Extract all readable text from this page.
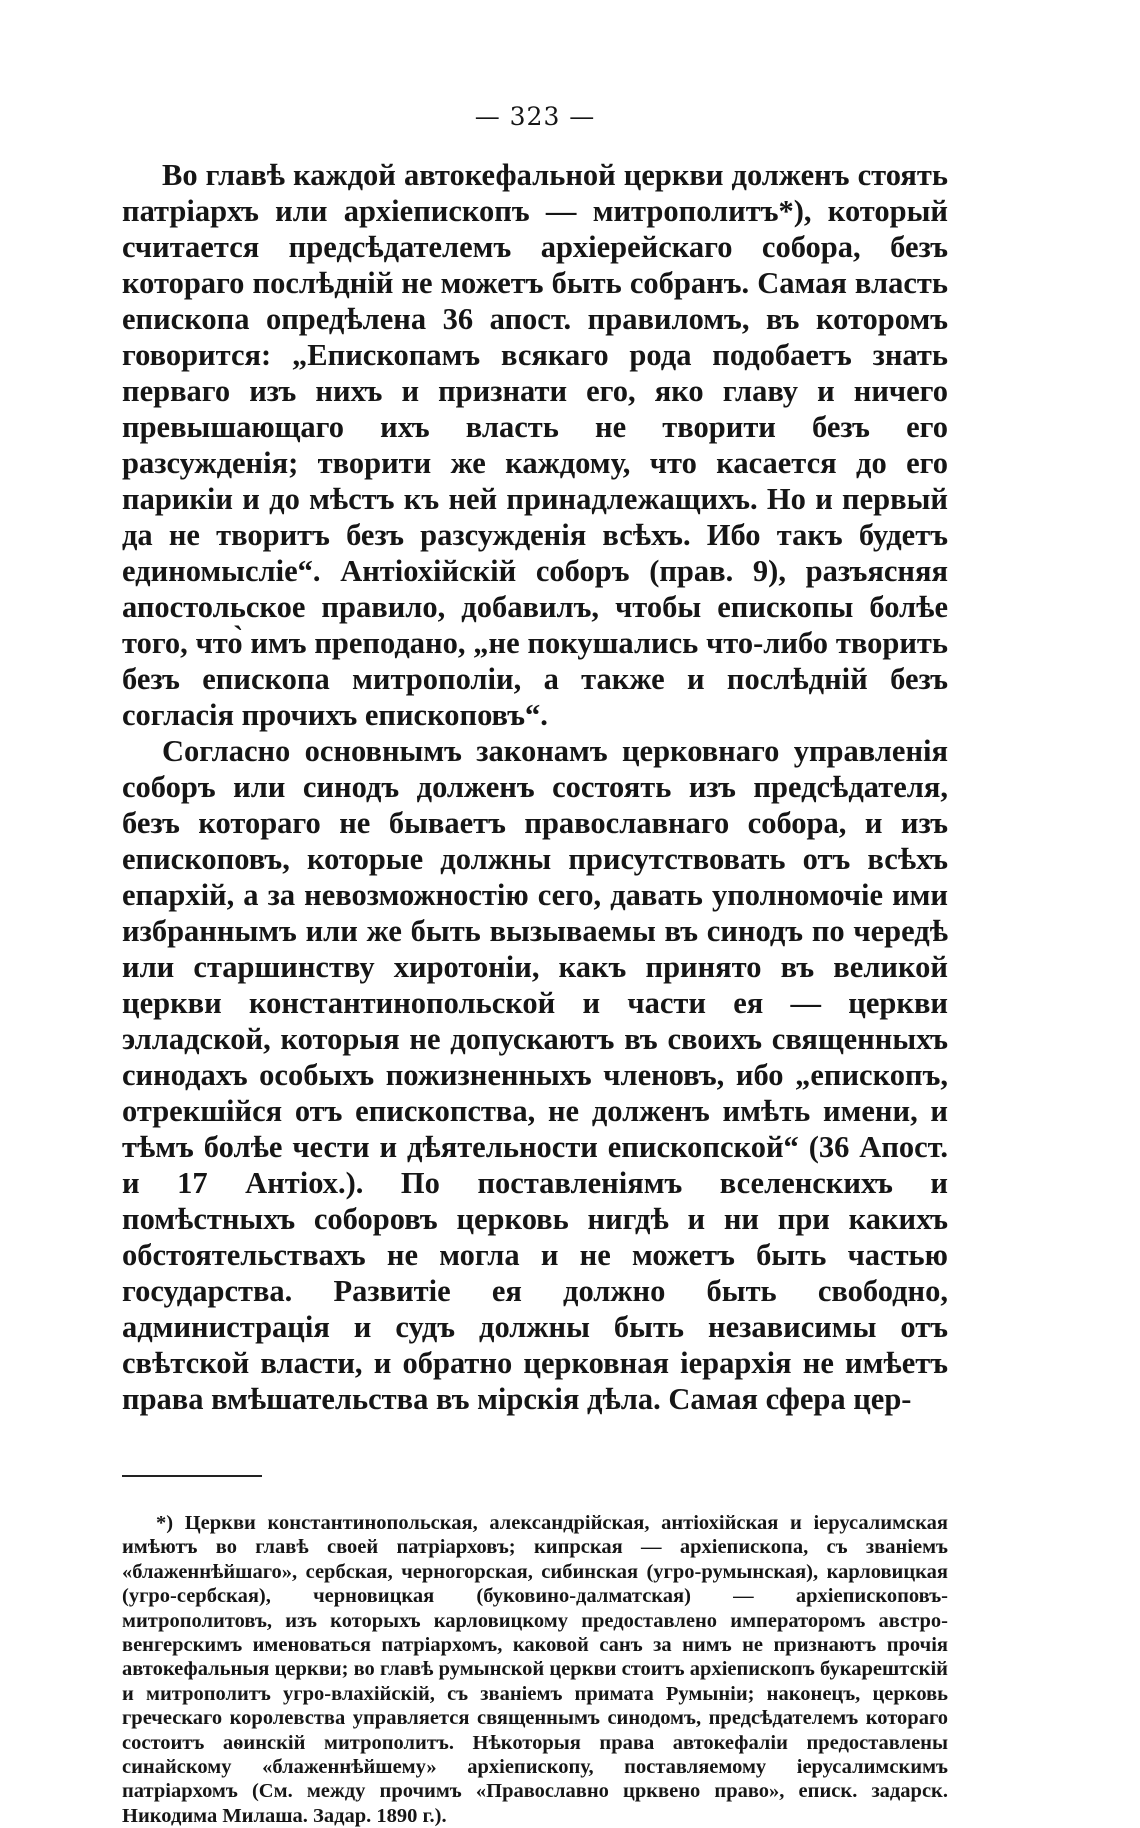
— 323 —

Во главѣ каждой автокефальной церкви долженъ стоять патріархъ или архіепископъ — митрополитъ*), который считается предсѣдателемъ архіерейскаго собора, безъ котораго послѣдній не можетъ быть собранъ. Самая власть епископа опредѣлена 36 апост. правиломъ, въ которомъ говорится: „Епископамъ всякаго рода подобаетъ знать перваго изъ нихъ и признати его, яко главу и ничего превышающаго ихъ власть не творити безъ его разсужденія; творити же каждому, что касается до его парикіи и до мѣстъ къ ней принадлежащихъ. Но и первый да не творитъ безъ разсужденія всѣхъ. Ибо такъ будетъ единомысліе“. Антіохійскій соборъ (прав. 9), разъясняя апостольское правило, добавилъ, чтобы епископы болѣе того, что̀ имъ преподано, „не покушались что-либо творить безъ епископа митрополіи, а также и послѣдній безъ согласія прочихъ епископовъ“.

Согласно основнымъ законамъ церковнаго управленія соборъ или синодъ долженъ состоять изъ предсѣдателя, безъ котораго не бываетъ православнаго собора, и изъ епископовъ, которые должны присутствовать отъ всѣхъ епархій, а за невозможностію сего, давать уполномочіе ими избраннымъ или же быть вызываемы въ синодъ по чередѣ или старшинству хиротоніи, какъ принято въ великой церкви константинопольской и части ея — церкви элладской, которыя не допускаютъ въ своихъ священныхъ синодахъ особыхъ пожизненныхъ членовъ, ибо „епископъ, отрекшійся отъ епископства, не долженъ имѣть имени, и тѣмъ болѣе чести и дѣятельности епископской“ (36 Апост. и 17 Антіох.). По поставленіямъ вселенскихъ и помѣстныхъ соборовъ церковь нигдѣ и ни при какихъ обстоятельствахъ не могла и не можетъ быть частью государства. Развитіе ея должно быть свободно, администрація и судъ должны быть независимы отъ свѣтской власти, и обратно церковная іерархія не имѣетъ права вмѣшательства въ мірскія дѣла. Самая сфера цер-

*) Церкви константинопольская, александрійская, антіохійская и іерусалимская имѣютъ во главѣ своей патріарховъ; кипрская — архіепископа, съ званіемъ «блаженнѣйшаго», сербская, черногорская, сибинская (угро-румынская), карловицкая (угро-сербская), черновицкая (буковино-далматская) — архіепископовъ-митрополитовъ, изъ которыхъ карловицкому предоставлено императоромъ австро-венгерскимъ именоваться патріархомъ, каковой санъ за нимъ не признаютъ прочія автокефальныя церкви; во главѣ румынской церкви стоитъ архіепископъ букарештскій и митрополитъ угро-влахійскій, съ званіемъ примата Румыніи; наконецъ, церковь греческаго королевства управляется священнымъ синодомъ, предсѣдателемъ котораго состоитъ аѳинскій митрополитъ. Нѣкоторыя права автокефаліи предоставлены синайскому «блаженнѣйшему» архіепископу, поставляемому іерусалимскимъ патріархомъ (См. между прочимъ «Православно црквено право», еписк. задарск. Никодима Милаша. Задар. 1890 г.).
